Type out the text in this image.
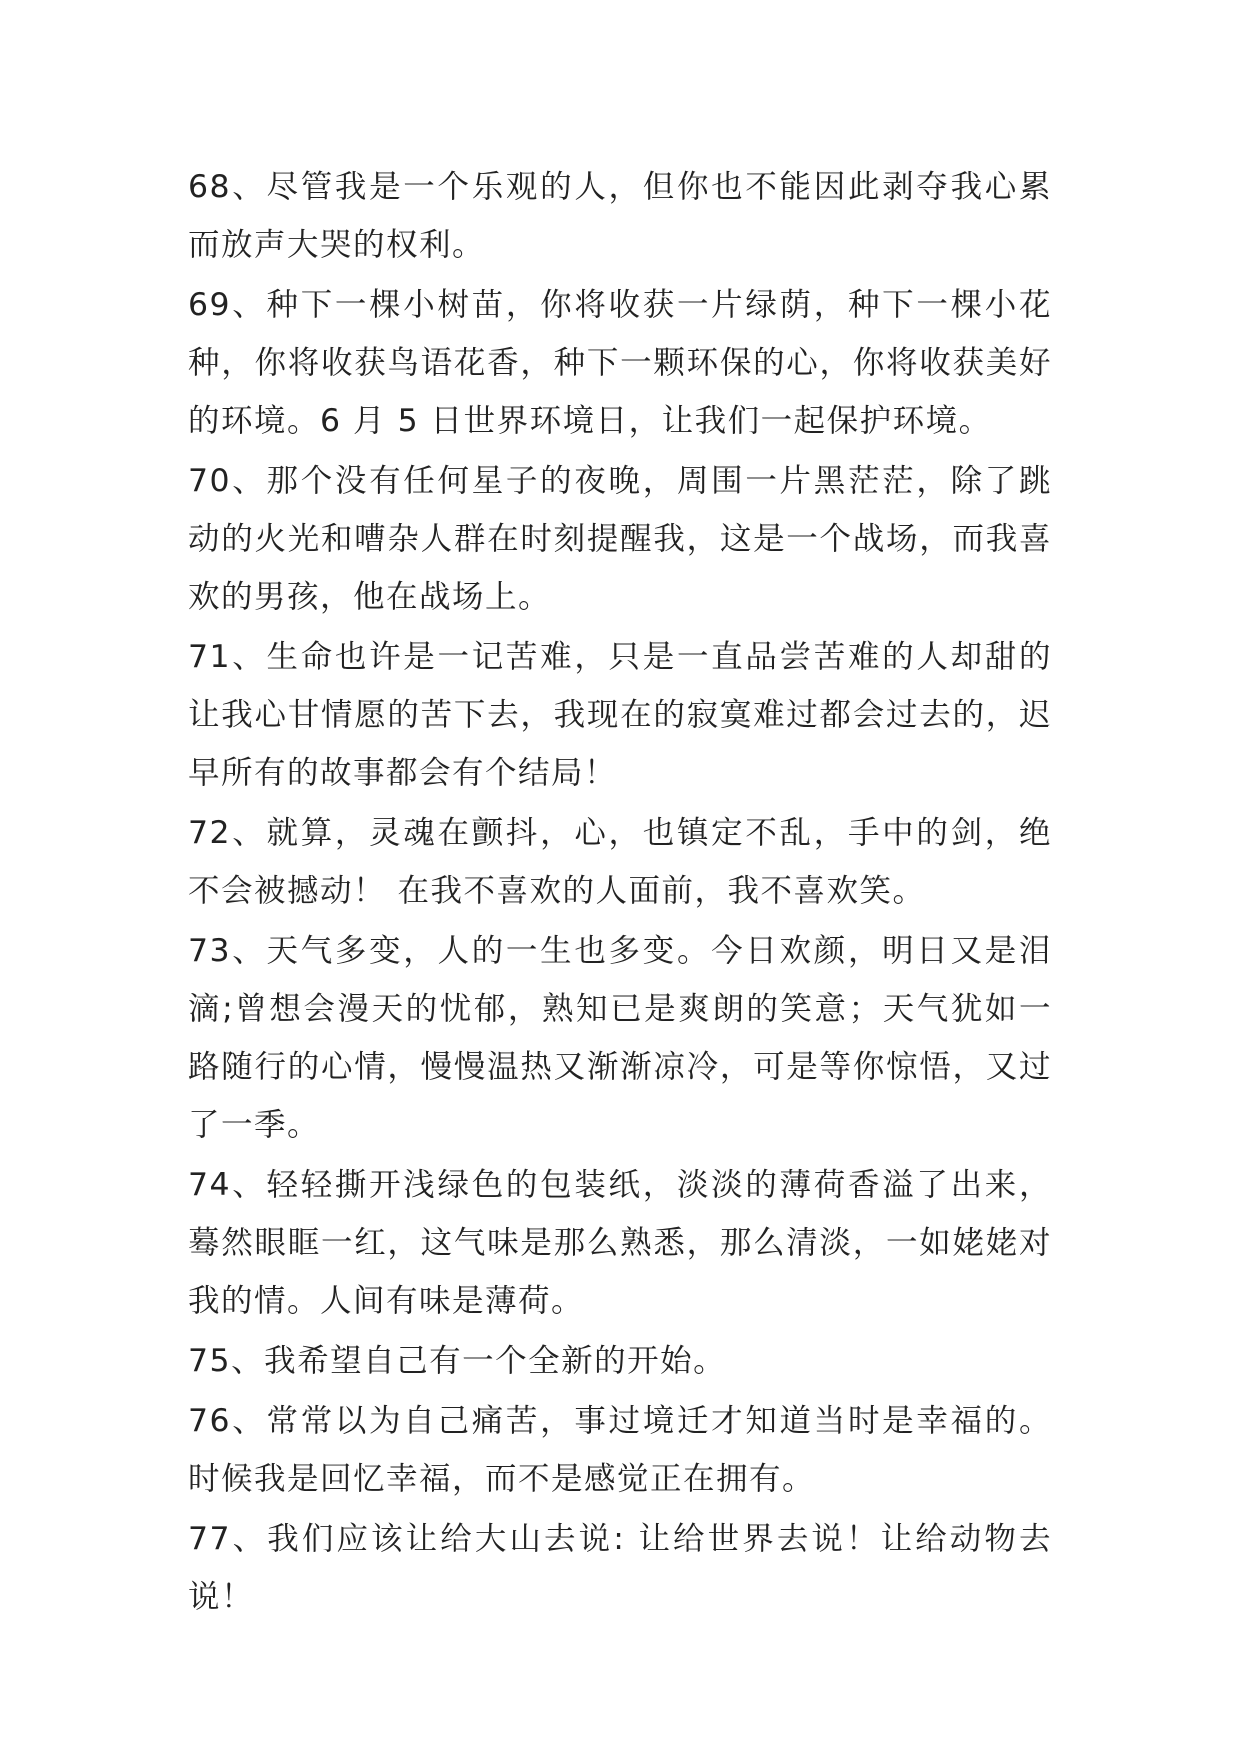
68、尽管我是一个乐观的人，但你也不能因此剥夺我心累而放声大哭的权利。

69、种下一棵小树苗，你将收获一片绿荫，种下一棵小花种，你将收获鸟语花香，种下一颗环保的心，你将收获美好的环境。6 月 5 日世界环境日，让我们一起保护环境。

70、那个没有任何星子的夜晚，周围一片黑茫茫，除了跳动的火光和嘈杂人群在时刻提醒我，这是一个战场，而我喜欢的男孩，他在战场上。

71、生命也许是一记苦难，只是一直品尝苦难的人却甜的让我心甘情愿的苦下去，我现在的寂寞难过都会过去的，迟早所有的故事都会有个结局！

72、就算，灵魂在颤抖，心，也镇定不乱，手中的剑，绝不会被撼动！ 在我不喜欢的人面前，我不喜欢笑。

73、天气多变，人的一生也多变。今日欢颜，明日又是泪滴;曾想会漫天的忧郁，熟知已是爽朗的笑意；天气犹如一路随行的心情，慢慢温热又渐渐凉冷，可是等你惊悟，又过了一季。

74、轻轻撕开浅绿色的包装纸，淡淡的薄荷香溢了出来，蓦然眼眶一红，这气味是那么熟悉，那么清淡，一如姥姥对我的情。人间有味是薄荷。

75、我希望自己有一个全新的开始。

76、常常以为自己痛苦，事过境迁才知道当时是幸福的。时候我是回忆幸福，而不是感觉正在拥有。

77、我们应该让给大山去说: 让给世界去说！让给动物去说！
